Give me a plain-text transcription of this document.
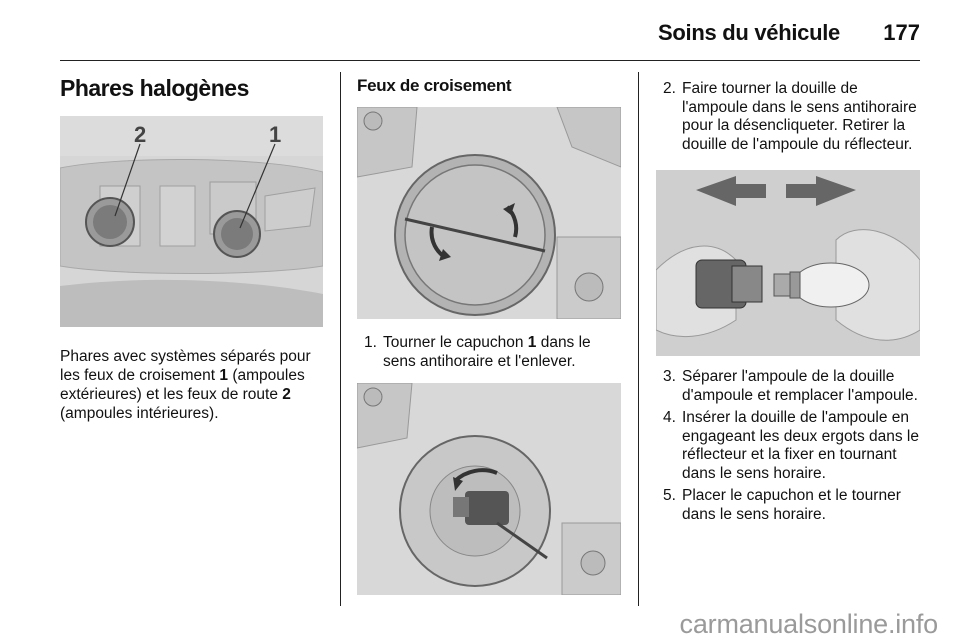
Soins du véhicule 177
Phares halogènes
2	1

Phares avec systèmes séparés pour les feux de croisement 1 (ampoules extérieures) et les feux de route 2 (ampoules intérieures).

Feux de croisement
1. Tourner le capuchon 1 dans le sens antihoraire et l'enlever.
2. Faire tourner la douille de l'ampoule dans le sens antihoraire pour la désencliqueter. Retirer la douille de l'ampoule du réflecteur.
3. Séparer l'ampoule de la douille d'ampoule et remplacer l'ampoule.
4. Insérer la douille de l'ampoule en engageant les deux ergots dans le réflecteur et la fixer en tournant dans le sens horaire.
5. Placer le capuchon et le tourner dans le sens horaire.
carmanualsonline.info
